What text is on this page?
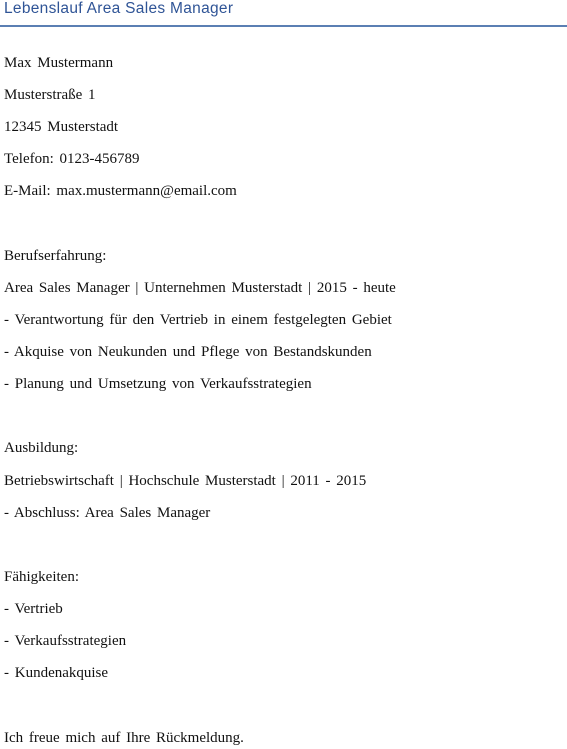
Lebenslauf Area Sales Manager
Max Mustermann
Musterstraße 1
12345 Musterstadt
Telefon: 0123-456789
E-Mail: max.mustermann@email.com
Berufserfahrung:
Area Sales Manager | Unternehmen Musterstadt | 2015 - heute
- Verantwortung für den Vertrieb in einem festgelegten Gebiet
- Akquise von Neukunden und Pflege von Bestandskunden
- Planung und Umsetzung von Verkaufsstrategien
Ausbildung:
Betriebswirtschaft | Hochschule Musterstadt | 2011 - 2015
- Abschluss: Area Sales Manager
Fähigkeiten:
- Vertrieb
- Verkaufsstrategien
- Kundenakquise
Ich freue mich auf Ihre Rückmeldung.
